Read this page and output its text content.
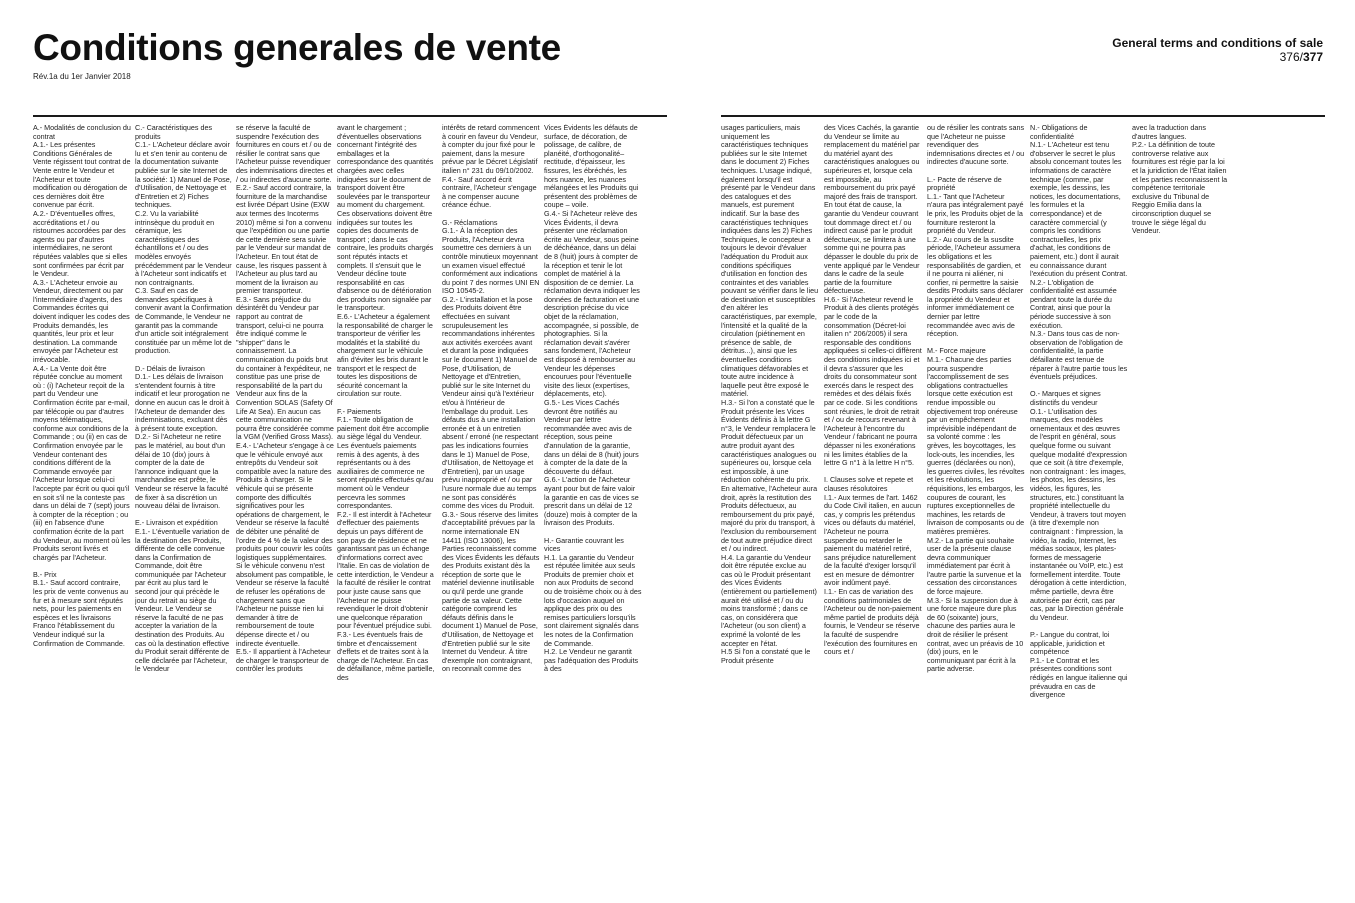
Conditions generales de vente
Rév.1a du 1er Janvier 2018
General terms and conditions of sale
376/377

A.- Modalités de conclusion du contrat
A.1.- Les présentes Conditions Générales de Vente régissent tout contrat de Vente entre le Vendeur et l'Acheteur et toute modification ou dérogation de ces dernières doit être convenue par écrit.
A.2.- D'éventuelles offres, accréditations et / ou ristournes accordées par des agents ou par d'autres intermédiaires, ne seront réputées valables que si elles sont confirmées par écrit par le Vendeur.
A.3.- L'Acheteur envoie au Vendeur, directement ou par l'intermédiaire d'agents, des Commandes écrites qui doivent indiquer les codes des Produits demandés, les quantités, leur prix et leur destination. La commande envoyée par l'Acheteur est irrévocable.
A.4.- La Vente doit être réputée conclue au moment où : (i) l'Acheteur reçoit de la part du Vendeur une Confirmation écrite par e-mail, par télécopie ou par d'autres moyens télématiques, conforme aux conditions de la Commande ; ou (ii) en cas de Confirmation envoyée par le Vendeur contenant des conditions différent de la Commande envoyée par l'Acheteur lorsque celui-ci l'accepte par écrit ou quoi qu'il en soit s'il ne la conteste pas dans un délai de 7 (sept) jours à compter de la réception ; ou (iii) en l'absence d'une confirmation écrite de la part du Vendeur, au moment où les Produits seront livrés et chargés par l'Acheteur.

B.- Prix
B.1.- Sauf accord contraire, les prix de vente convenus au fur et à mesure sont réputés nets, pour les paiements en espèces et les livraisons Franco l'établissement du Vendeur indiqué sur la Confirmation de Commande.

C.- Caractéristiques des produits
C.1.- L'Acheteur déclare avoir lu et s'en tenir au contenu de la documentation suivante publiée sur le site Internet de la société: 1) Manuel de Pose, d'Utilisation, de Nettoyage et d'Entretien et 2) Fiches techniques.
C.2. Vu la variabilité intrinsèque du produit en céramique, les caractéristiques des échantillons et / ou des modèles envoyés précédemment par le Vendeur à l'Acheteur sont indicatifs et non contraignants.
C.3. Sauf en cas de demandes spécifiques à convenir avant la Confirmation de Commande, le Vendeur ne garantit pas la commande d'un article soit intégralement constituée par un même lot de production.

D.- Délais de livraison
D.1.- Les délais de livraison s'entendent fournis à titre indicatif et leur prorogation ne donne en aucun cas le droit à l'Acheteur de demander des indemnisations, excluant dès à présent toute exception.
D.2.- Si l'Acheteur ne retire pas le matériel, au bout d'un délai de 10 (dix) jours à compter de la date de l'annonce indiquant que la marchandise est prête, le Vendeur se réserve la faculté de fixer à sa discrétion un nouveau délai de livraison.

E.- Livraison et expédition
E.1.- L'éventuelle variation de la destination des Produits, différente de celle convenue dans la Confirmation de Commande, doit être communiquée par l'Acheteur par écrit au plus tard le second jour qui précède le jour du retrait au siège du Vendeur. Le Vendeur se réserve la faculté de ne pas accepter la variation de la destination des Produits. Au cas où la destination effective du Produit serait différente de celle déclarée par l'Acheteur, le Vendeur

se réserve la faculté de suspendre l'exécution des fournitures en cours et / ou de résilier le contrat sans que l'Acheteur puisse revendiquer des indemnisations directes et / ou indirectes d'aucune sorte.
E.2.- Sauf accord contraire, la fourniture de la marchandise est livrée Départ Usine (EXW aux termes des Incoterms 2010) même si l'on a convenu que l'expédition ou une partie de cette dernière sera suivie par le Vendeur sur mandat de l'Acheteur. En tout état de cause, les risques passent à l'Acheteur au plus tard au moment de la livraison au premier transporteur.
E.3.- Sans préjudice du désintérêt du Vendeur par rapport au contrat de transport, celui-ci ne pourra être indiqué comme le "shipper" dans le connaissement. La communication du poids brut du container à l'expéditeur, ne constitue pas une prise de responsabilité de la part du Vendeur aux fins de la Convention SOLAS (Safety Of Life At Sea). En aucun cas cette communication ne pourra être considérée comme la VGM (Verified Gross Mass).
E.4.- L'Acheteur s'engage à ce que le véhicule envoyé aux entrepôts du Vendeur soit compatible avec la nature des Produits à charger. Si le véhicule qui se présente comporte des difficultés significatives pour les opérations de chargement, le Vendeur se réserve la faculté de débiter une pénalité de l'ordre de 4 % de la valeur des produits pour couvrir les coûts logistiques supplémentaires. Si le véhicule convenu n'est absolument pas compatible, le Vendeur se réserve la faculté de refuser les opérations de chargement sans que l'Acheteur ne puisse rien lui demander à titre de remboursement de toute dépense directe et / ou indirecte éventuelle.
E.5.- Il appartient à l'Acheteur de charger le transporteur de contrôler les produits

avant le chargement ; d'éventuelles observations concernant l'intégrité des emballages et la correspondance des quantités chargées avec celles indiquées sur le document de transport doivent être soulevées par le transporteur au moment du chargement. Ces observations doivent être indiquées sur toutes les copies des documents de transport ; dans le cas contraire, les produits chargés sont réputés intacts et complets. Il s'ensuit que le Vendeur décline toute responsabilité en cas d'absence ou de détérioration des produits non signalée par le transporteur.
E.6.- L'Acheteur a également la responsabilité de charger le transporteur de vérifier les modalités et la stabilité du chargement sur le véhicule afin d'éviter les bris durant le transport et le respect de toutes les dispositions de sécurité concernant la circulation sur route.

F.- Paiements
F.1.- Toute obligation de paiement doit être accomplie au siège légal du Vendeur. Les éventuels paiements remis à des agents, à des représentants ou à des auxiliaires de commerce ne seront réputés effectués qu'au moment où le Vendeur percevra les sommes correspondantes.
F.2.- Il est interdit à l'Acheteur d'effectuer des paiements depuis un pays différent de son pays de résidence et ne garantissant pas un échange d'informations correct avec l'Italie. En cas de violation de cette interdiction, le Vendeur a la faculté de résilier le contrat pour juste cause sans que l'Acheteur ne puisse revendiquer le droit d'obtenir une quelconque réparation pour l'éventuel préjudice subi.
F.3.- Les éventuels frais de timbre et d'encaissement d'effets et de traites sont à la charge de l'Acheteur. En cas de défaillance, même partielle, des

intérêts de retard commencent à courir en faveur du Vendeur, à compter du jour fixé pour le paiement, dans la mesure prévue par le Décret Législatif italien n° 231 du 09/10/2002.
F.4.- Sauf accord écrit contraire, l'Acheteur s'engage à ne compenser aucune créance échue.

G.- Réclamations
G.1.- À la réception des Produits, l'Acheteur devra soumettre ces derniers à un contrôle minutieux moyennant un examen visuel effectué conformément aux indications du point 7 des normes UNI EN ISO 10545-2.
G.2.- L'installation et la pose des Produits doivent être effectuées en suivant scrupuleusement les recommandations inhérentes aux activités exercées avant et durant la pose indiquées sur le document 1) Manuel de Pose, d'Utilisation, de Nettoyage et d'Entretien, publié sur le site Internet du Vendeur ainsi qu'à l'extérieur et/ou à l'intérieur de l'emballage du produit. Les défauts dus à une installation erronée et à un entretien absent / erroné (ne respectant pas les indications fournies dans le 1) Manuel de Pose, d'Utilisation, de Nettoyage et d'Entretien), par un usage prévu inapproprié et / ou par l'usure normale due au temps ne sont pas considérés comme des vices du Produit.
G.3.- Sous réserve des limites d'acceptabilité prévues par la norme internationale EN 14411 (ISO 13006), les Parties reconnaissent comme des Vices Évidents les défauts des Produits existant dès la réception de sorte que le matériel devienne inutilisable ou qu'il perde une grande partie de sa valeur. Cette catégorie comprend les défauts définis dans le document 1) Manuel de Pose, d'Utilisation, de Nettoyage et d'Entretien publié sur le site Internet du Vendeur. À titre d'exemple non contraignant, on reconnaît comme des

Vices Évidents les défauts de surface, de décoration, de polissage, de calibre, de planéité, d'orthogonalité–rectitude, d'épaisseur, les fissures, les ébréchés, les hors nuance, les nuances mélangées et les Produits qui présentent des problèmes de coupe – voile.
G.4.- Si l'Acheteur relève des Vices Évidents, il devra présenter une réclamation écrite au Vendeur, sous peine de déchéance, dans un délai de 8 (huit) jours à compter de la réception et tenir le lot complet de matériel à la disposition de ce dernier. La réclamation devra indiquer les données de facturation et une description précise du vice objet de la réclamation, accompagnée, si possible, de photographies. Si la réclamation devait s'avérer sans fondement, l'Acheteur est disposé à rembourser au Vendeur les dépenses encourues pour l'éventuelle visite des lieux (expertises, déplacements, etc).
G.5.- Les Vices Cachés devront être notifiés au Vendeur par lettre recommandée avec avis de réception, sous peine d'annulation de la garantie, dans un délai de 8 (huit) jours à compter de la date de la découverte du défaut.
G.6.- L'action de l'Acheteur ayant pour but de faire valoir la garantie en cas de vices se prescrit dans un délai de 12 (douze) mois à compter de la livraison des Produits.

H.- Garantie couvrant les vices
H.1. La garantie du Vendeur est réputée limitée aux seuls Produits de premier choix et non aux Produits de second ou de troisième choix ou à des lots d'occasion auquel on applique des prix ou des remises particuliers lorsqu'ils sont clairement signalés dans les notes de la Confirmation de Commande.
H.2. Le Vendeur ne garantit pas l'adéquation des Produits à des

usages particuliers, mais uniquement les caractéristiques techniques publiées sur le site Internet dans le document 2) Fiches techniques. L'usage indiqué, également lorsqu'il est présenté par le Vendeur dans des catalogues et des manuels, est purement indicatif. Sur la base des caractéristiques techniques indiquées dans les 2) Fiches Techniques, le concepteur a toujours le devoir d'évaluer l'adéquation du Produit aux conditions spécifiques d'utilisation en fonction des contraintes et des variables pouvant se vérifier dans le lieu de destination et susceptibles d'en altérer les caractéristiques, par exemple, l'intensité et la qualité de la circulation (piétinement en présence de sable, de détritus...), ainsi que les éventuelles conditions climatiques défavorables et toute autre incidence à laquelle peut être exposé le matériel.
H.3.- Si l'on a constaté que le Produit présente les Vices Évidents définis à la lettre G n°3, le Vendeur remplacera le Produit défectueux par un autre produit ayant des caractéristiques analogues ou supérieures ou, lorsque cela est impossible, à une réduction cohérente du prix. En alternative, l'Acheteur aura droit, après la restitution des Produits défectueux, au remboursement du prix payé, majoré du prix du transport, à l'exclusion du remboursement de tout autre préjudice direct et / ou indirect.
H.4. La garantie du Vendeur doit être réputée exclue au cas où le Produit présentant des Vices Évidents (entièrement ou partiellement) aurait été utilisé et / ou du moins transformé ; dans ce cas, on considérera que l'Acheteur (ou son client) a exprimé la volonté de les accepter en l'état.
H.5 Si l'on a constaté que le Produit présente

des Vices Cachés, la garantie du Vendeur se limite au remplacement du matériel par du matériel ayant des caractéristiques analogues ou supérieures et, lorsque cela est impossible, au remboursement du prix payé majoré des frais de transport. En tout état de cause, la garantie du Vendeur couvrant tout dommage direct et / ou indirect causé par le produit défectueux, se limitera à une somme qui ne pourra pas dépasser le double du prix de vente appliqué par le Vendeur dans le cadre de la seule partie de la fourniture défectueuse.
H.6.- Si l'Acheteur revend le Produit à des clients protégés par le code de la consommation (Décret-loi italien n° 206/2005) il sera responsable des conditions appliquées si celles-ci diffèrent des conditions indiquées ici et il devra s'assurer que les droits du consommateur sont exercés dans le respect des remèdes et des délais fixés par ce code. Si les conditions sont réunies, le droit de retrait et / ou de recours revenant à l'Acheteur à l'encontre du Vendeur / fabricant ne pourra dépasser ni les exonérations ni les limites établies de la lettre G n°1 à la lettre H n°5.

I. Clauses solve et repete et clauses résolutoires
I.1.- Aux termes de l'art. 1462 du Code Civil italien, en aucun cas, y compris les prétendus vices ou défauts du matériel, l'Acheteur ne pourra suspendre ou retarder le paiement du matériel retiré, sans préjudice naturellement de la faculté d'exiger lorsqu'il est en mesure de démontrer avoir indûment payé.
I.1.- En cas de variation des conditions patrimoniales de l'Acheteur ou de non-paiement même partiel de produits déjà fournis, le Vendeur se réserve la faculté de suspendre l'exécution des fournitures en cours et /

ou de résilier les contrats sans que l'Acheteur ne puisse revendiquer des indemnisations directes et / ou indirectes d'aucune sorte.

L.- Pacte de réserve de propriété
L.1.- Tant que l'Acheteur n'aura pas intégralement payé le prix, les Produits objet de la fourniture resteront la propriété du Vendeur.
L.2.- Au cours de la susdite période, l'Acheteur assumera les obligations et les responsabilités de gardien, et il ne pourra ni aliéner, ni confier, ni permettre la saisie desdits Produits sans déclarer la propriété du Vendeur et informer immédiatement ce dernier par lettre recommandée avec avis de réception.

M.- Force majeure
M.1.- Chacune des parties pourra suspendre l'accomplissement de ses obligations contractuelles lorsque cette exécution est rendue impossible ou objectivement trop onéreuse par un empêchement imprévisible indépendant de sa volonté comme : les grèves, les boycottages, les lock-outs, les incendies, les guerres (déclarées ou non), les guerres civiles, les révoltes et les révolutions, les réquisitions, les embargos, les coupures de courant, les ruptures exceptionnelles de machines, les retards de livraison de composants ou de matières premières.
M.2.- La partie qui souhaite user de la présente clause devra communiquer immédiatement par écrit à l'autre partie la survenue et la cessation des circonstances de force majeure.
M.3.- Si la suspension due à une force majeure dure plus de 60 (soixante) jours, chacune des parties aura le droit de résilier le présent contrat, avec un préavis de 10 (dix) jours, en le communiquant par écrit à la partie adverse.

N.- Obligations de confidentialité
N.1.- L'Acheteur est tenu d'observer le secret le plus absolu concernant toutes les informations de caractère technique (comme, par exemple, les dessins, les notices, les documentations, les formules et la correspondance) et de caractère commercial (y compris les conditions contractuelles, les prix d'achat, les conditions de paiement, etc.) dont il aurait eu connaissance durant l'exécution du présent Contrat.
N.2.- L'obligation de confidentialité est assumée pendant toute la durée du Contrat, ainsi que pour la période successive à son exécution.
N.3.- Dans tous cas de non-observation de l'obligation de confidentialité, la partie défaillante est tenue de réparer à l'autre partie tous les éventuels préjudices.

O.- Marques et signes distinctifs du vendeur
O.1.- L'utilisation des marques, des modèles ornementaux et des œuvres de l'esprit en général, sous quelque forme ou suivant quelque modalité d'expression que ce soit (à titre d'exemple, non contraignant : les images, les photos, les dessins, les vidéos, les figures, les structures, etc.) constituant la propriété intellectuelle du Vendeur, à travers tout moyen (à titre d'exemple non contraignant : l'impression, la vidéo, la radio, Internet, les médias sociaux, les plates-formes de messagerie instantanée ou VoIP, etc.) est formellement interdite. Toute dérogation à cette interdiction, même partielle, devra être autorisée par écrit, cas par cas, par la Direction générale du Vendeur.

P.- Langue du contrat, loi applicable, juridiction et compétence
P.1.- Le Contrat et les présentes conditions sont rédigés en langue italienne qui prévaudra en cas de divergence

avec la traduction dans d'autres langues.
P.2.- La définition de toute controverse relative aux fournitures est régie par la loi et la juridiction de l'État italien et les parties reconnaissent la compétence territoriale exclusive du Tribunal de Reggio Emilia dans la circonscription duquel se trouve le siège légal du Vendeur.
